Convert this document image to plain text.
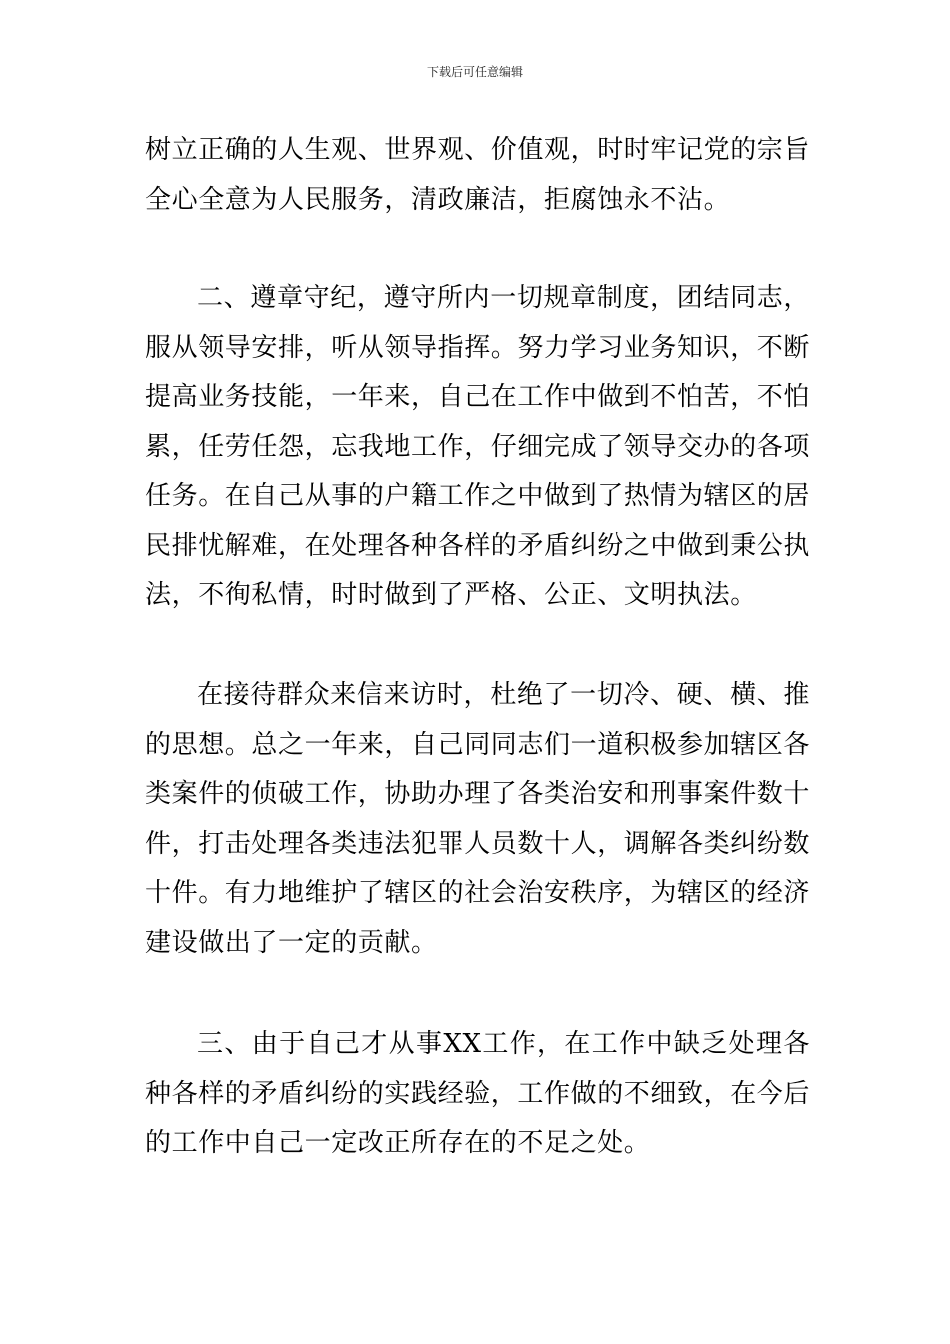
下载后可任意编辑

树立正确的人生观、世界观、价值观，时时牢记党的宗旨全心全意为人民服务，清政廉洁，拒腐蚀永不沾。

二、遵章守纪，遵守所内一切规章制度，团结同志，服从领导安排，听从领导指挥。努力学习业务知识，不断提高业务技能，一年来，自己在工作中做到不怕苦，不怕累，任劳任怨，忘我地工作，仔细完成了领导交办的各项任务。在自己从事的户籍工作之中做到了热情为辖区的居民排忧解难，在处理各种各样的矛盾纠纷之中做到秉公执法，不徇私情，时时做到了严格、公正、文明执法。

在接待群众来信来访时，杜绝了一切冷、硬、横、推的思想。总之一年来，自己同同志们一道积极参加辖区各类案件的侦破工作，协助办理了各类治安和刑事案件数十件，打击处理各类违法犯罪人员数十人，调解各类纠纷数十件。有力地维护了辖区的社会治安秩序，为辖区的经济建设做出了一定的贡献。

三、由于自己才从事XX工作，在工作中缺乏处理各种各样的矛盾纠纷的实践经验，工作做的不细致，在今后的工作中自己一定改正所存在的不足之处。
